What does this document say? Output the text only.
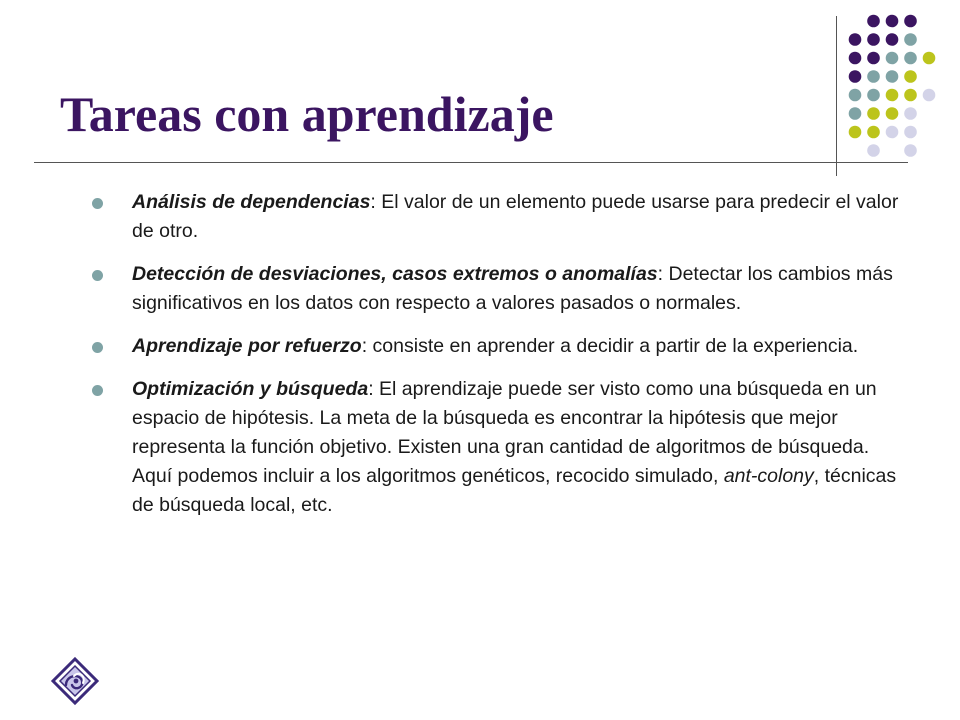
Tareas con aprendizaje
Análisis de dependencias: El valor de un elemento puede usarse para predecir el valor de otro.
Detección de desviaciones, casos extremos o anomalías: Detectar los cambios más significativos en los datos con respecto a valores pasados o normales.
Aprendizaje por refuerzo: consiste en aprender a decidir a partir de la experiencia.
Optimización y búsqueda: El aprendizaje puede ser visto como una búsqueda en un espacio de hipótesis. La meta de la búsqueda es encontrar la hipótesis que mejor representa la función objetivo. Existen una gran cantidad de algoritmos de búsqueda. Aquí podemos incluir a los algoritmos genéticos, recocido simulado, ant-colony, técnicas de búsqueda local, etc.
